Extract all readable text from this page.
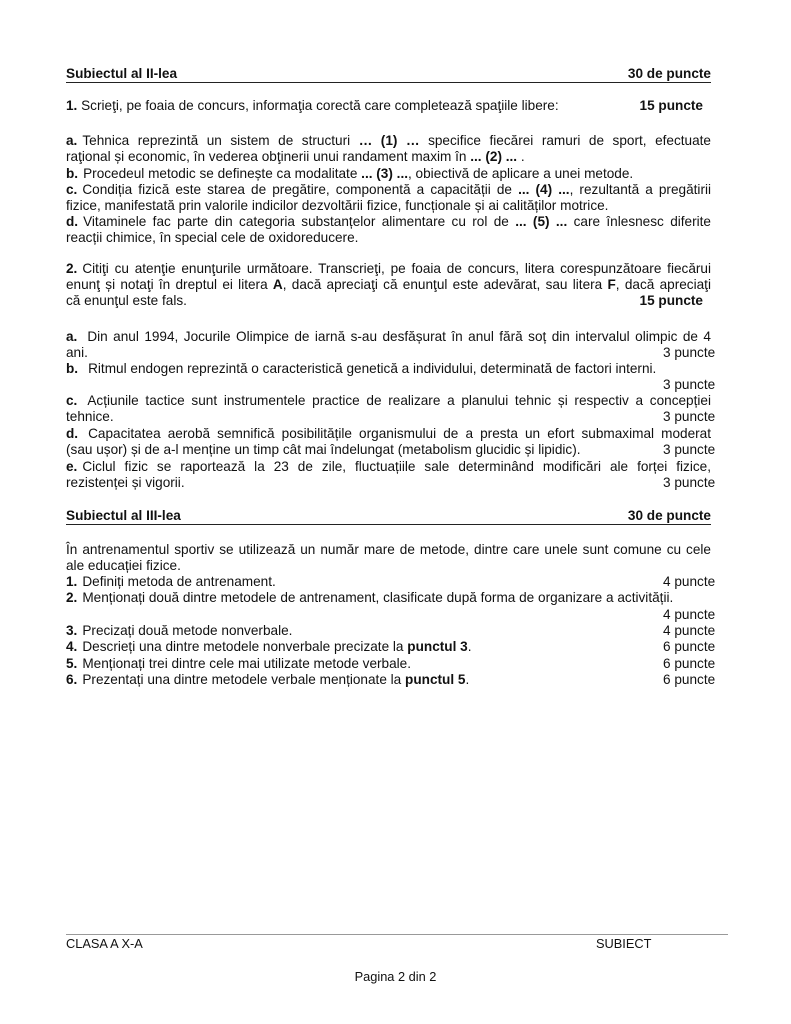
Subiectul al II-lea	30 de puncte
1. Scrieţi, pe foaia de concurs, informaţia corectă care completează spaţiile libere:	15 puncte
a. Tehnica reprezintă un sistem de structuri … (1) … specifice fiecărei ramuri de sport, efectuate
raţional și economic, în vederea obţinerii unui randament maxim în ... (2) ... .
b. Procedeul metodic se definește ca modalitate ... (3) ..., obiectivă de aplicare a unei metode.
c. Condiția fizică este starea de pregătire, componentă a capacității de ... (4) ..., rezultantă a pregătirii
fizice, manifestată prin valorile indicilor dezvoltării fizice, funcționale și ai calităților motrice.
d. Vitaminele fac parte din categoria substanțelor alimentare cu rol de ... (5) ... care înlesnesc diferite
reacții chimice, în special cele de oxidoreducere.
2. Citiţi cu atenţie enunţurile următoare. Transcrieţi, pe foaia de concurs, litera corespunzătoare fiecărui
enunţ și notaţi în dreptul ei litera A, dacă apreciaţi că enunţul este adevărat, sau litera F, dacă apreciaţi
că enunţul este fals.	15 puncte
a. Din anul 1994, Jocurile Olimpice de iarnă s-au desfășurat în anul fără soț din intervalul olimpic de 4
ani.	3 puncte
b. Ritmul endogen reprezintă o caracteristică genetică a individului, determinată de factori interni.
3 puncte
c. Acțiunile tactice sunt instrumentele practice de realizare a planului tehnic și respectiv a concepției
tehnice.	3 puncte
d. Capacitatea aerobă semnifică posibilitățile organismului de a presta un efort submaximal moderat
(sau ușor) și de a-l menține un timp cât mai îndelungat (metabolism glucidic și lipidic).	3 puncte
e. Ciclul fizic se raportează la 23 de zile, fluctuațiile sale determinând modificări ale forței fizice,
rezistenței și vigorii.	3 puncte
Subiectul al III-lea	30 de puncte
În antrenamentul sportiv se utilizează un număr mare de metode, dintre care unele sunt comune cu cele
ale educației fizice.
1. Definiți metoda de antrenament.	4 puncte
2. Menționați două dintre metodele de antrenament, clasificate după forma de organizare a activității.
4 puncte
3. Precizați două metode nonverbale.	4 puncte
4. Descrieți una dintre metodele nonverbale precizate la punctul 3.	6 puncte
5. Menționați trei dintre cele mai utilizate metode verbale.	6 puncte
6. Prezentați una dintre metodele verbale menționate la punctul 5.	6 puncte
CLASA A X-A	SUBIECT
Pagina 2 din 2
